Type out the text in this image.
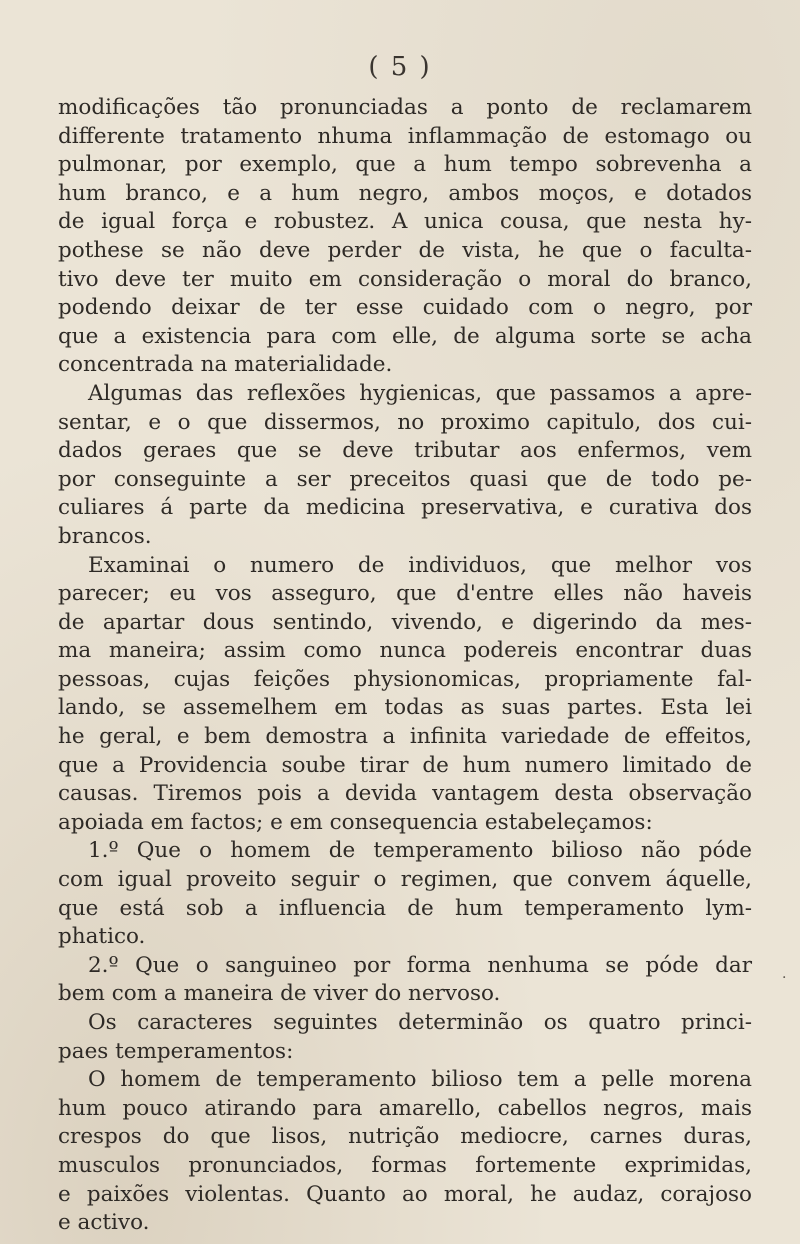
( 5 )
modificações tão pronunciadas a ponto de reclamarem
differente tratamento nhuma inflammação de estomago ou
pulmonar, por exemplo, que a hum tempo sobrevenha a
hum branco, e a hum negro, ambos moços, e dotados
de igual força e robustez. A unica cousa, que nesta hy-
pothese se não deve perder de vista, he que o faculta-
tivo deve ter muito em consideração o moral do branco,
podendo deixar de ter esse cuidado com o negro, por
que a existencia para com elle, de alguma sorte se acha
concentrada na materialidade.
Algumas das reflexões hygienicas, que passamos a apre-
sentar, e o que dissermos, no proximo capitulo, dos cui-
dados geraes que se deve tributar aos enfermos, vem
por conseguinte a ser preceitos quasi que de todo pe-
culiares á parte da medicina preservativa, e curativa dos
brancos.
Examinai o numero de individuos, que melhor vos
parecer; eu vos asseguro, que d'entre elles não haveis
de apartar dous sentindo, vivendo, e digerindo da mes-
ma maneira; assim como nunca podereis encontrar duas
pessoas, cujas feições physionomicas, propriamente fal-
lando, se assemelhem em todas as suas partes. Esta lei
he geral, e bem demostra a infinita variedade de effeitos,
que a Providencia soube tirar de hum numero limitado de
causas. Tiremos pois a devida vantagem desta observação
apoiada em factos; e em consequencia estabeleçamos:
1.º Que o homem de temperamento bilioso não póde
com igual proveito seguir o regimen, que convem áquelle,
que está sob a influencia de hum temperamento lym-
phatico.
2.º Que o sanguineo por forma nenhuma se póde dar
bem com a maneira de viver do nervoso.
Os caracteres seguintes determinão os quatro princi-
paes temperamentos:
O homem de temperamento bilioso tem a pelle morena
hum pouco atirando para amarello, cabellos negros, mais
crespos do que lisos, nutrição mediocre, carnes duras,
musculos pronunciados, formas fortemente exprimidas,
e paixões violentas. Quanto ao moral, he audaz, corajoso
e activo.
·
